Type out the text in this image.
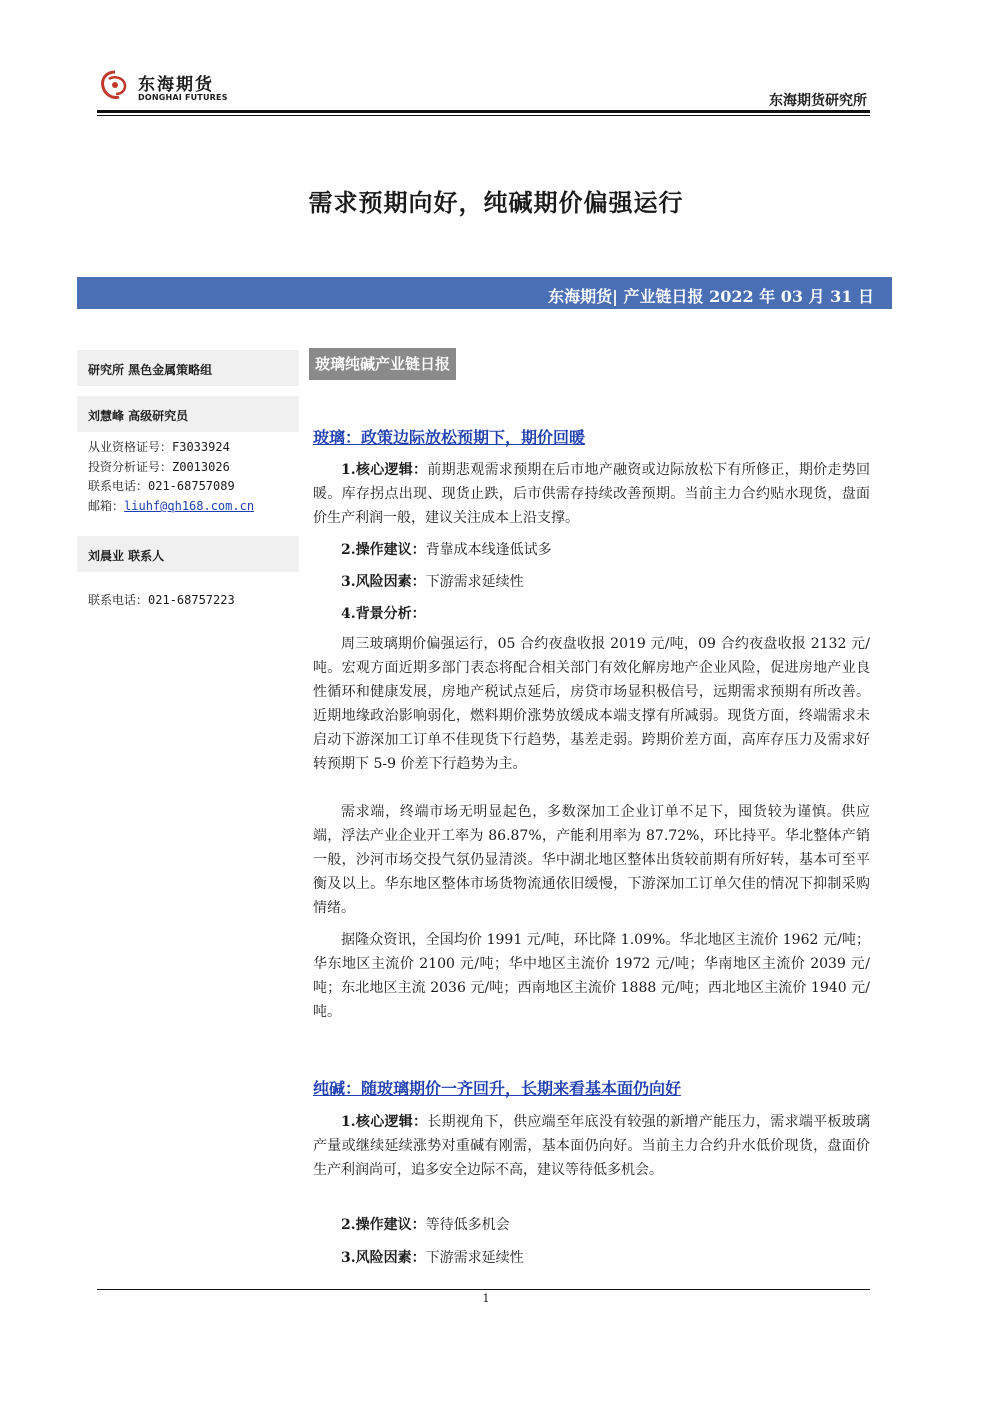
东海期货
DONGHAI FUTURES	东海期货研究所
需求预期向好，纯碱期价偏强运行
东海期货| 产业链日报 2022 年 03 月 31 日
研究所 黑色金属策略组
刘慧峰 高级研究员
从业资格证号：F3033924
投资分析证号：Z0013026
联系电话：021-68757089
邮箱：liuhf@qh168.com.cn
刘晨业 联系人
联系电话：021-68757223
玻璃纯碱产业链日报
玻璃：政策边际放松预期下，期价回暖
1.核心逻辑：前期悲观需求预期在后市地产融资或边际放松下有所修正，期价走势回暖。库存拐点出现、现货止跌，后市供需存持续改善预期。当前主力合约贴水现货，盘面价生产利润一般，建议关注成本上沿支撑。
2.操作建议：背靠成本线逢低试多
3.风险因素：下游需求延续性
4.背景分析：
周三玻璃期价偏强运行，05 合约夜盘收报 2019 元/吨，09 合约夜盘收报 2132 元/吨。宏观方面近期多部门表态将配合相关部门有效化解房地产企业风险，促进房地产业良性循环和健康发展，房地产税试点延后，房贷市场显积极信号，远期需求预期有所改善。近期地缘政治影响弱化，燃料期价涨势放缓成本端支撑有所减弱。现货方面，终端需求未启动下游深加工订单不佳现货下行趋势，基差走弱。跨期价差方面，高库存压力及需求好转预期下 5-9 价差下行趋势为主。
需求端，终端市场无明显起色，多数深加工企业订单不足下，囤货较为谨慎。供应端，浮法产业企业开工率为 86.87%，产能利用率为 87.72%，环比持平。华北整体产销一般，沙河市场交投气氛仍显清淡。华中湖北地区整体出货较前期有所好转，基本可至平衡及以上。华东地区整体市场货物流通依旧缓慢，下游深加工订单欠佳的情况下抑制采购情绪。
据隆众资讯，全国均价 1991 元/吨，环比降 1.09%。华北地区主流价 1962 元/吨；华东地区主流价 2100 元/吨；华中地区主流价 1972 元/吨；华南地区主流价 2039 元/吨；东北地区主流 2036 元/吨；西南地区主流价 1888 元/吨；西北地区主流价 1940 元/吨。
纯碱：随玻璃期价一齐回升，长期来看基本面仍向好
1.核心逻辑：长期视角下，供应端至年底没有较强的新增产能压力，需求端平板玻璃产量或继续延续涨势对重碱有刚需，基本面仍向好。当前主力合约升水低价现货，盘面价生产利润尚可，追多安全边际不高，建议等待低多机会。
2.操作建议：等待低多机会
3.风险因素：下游需求延续性
1
